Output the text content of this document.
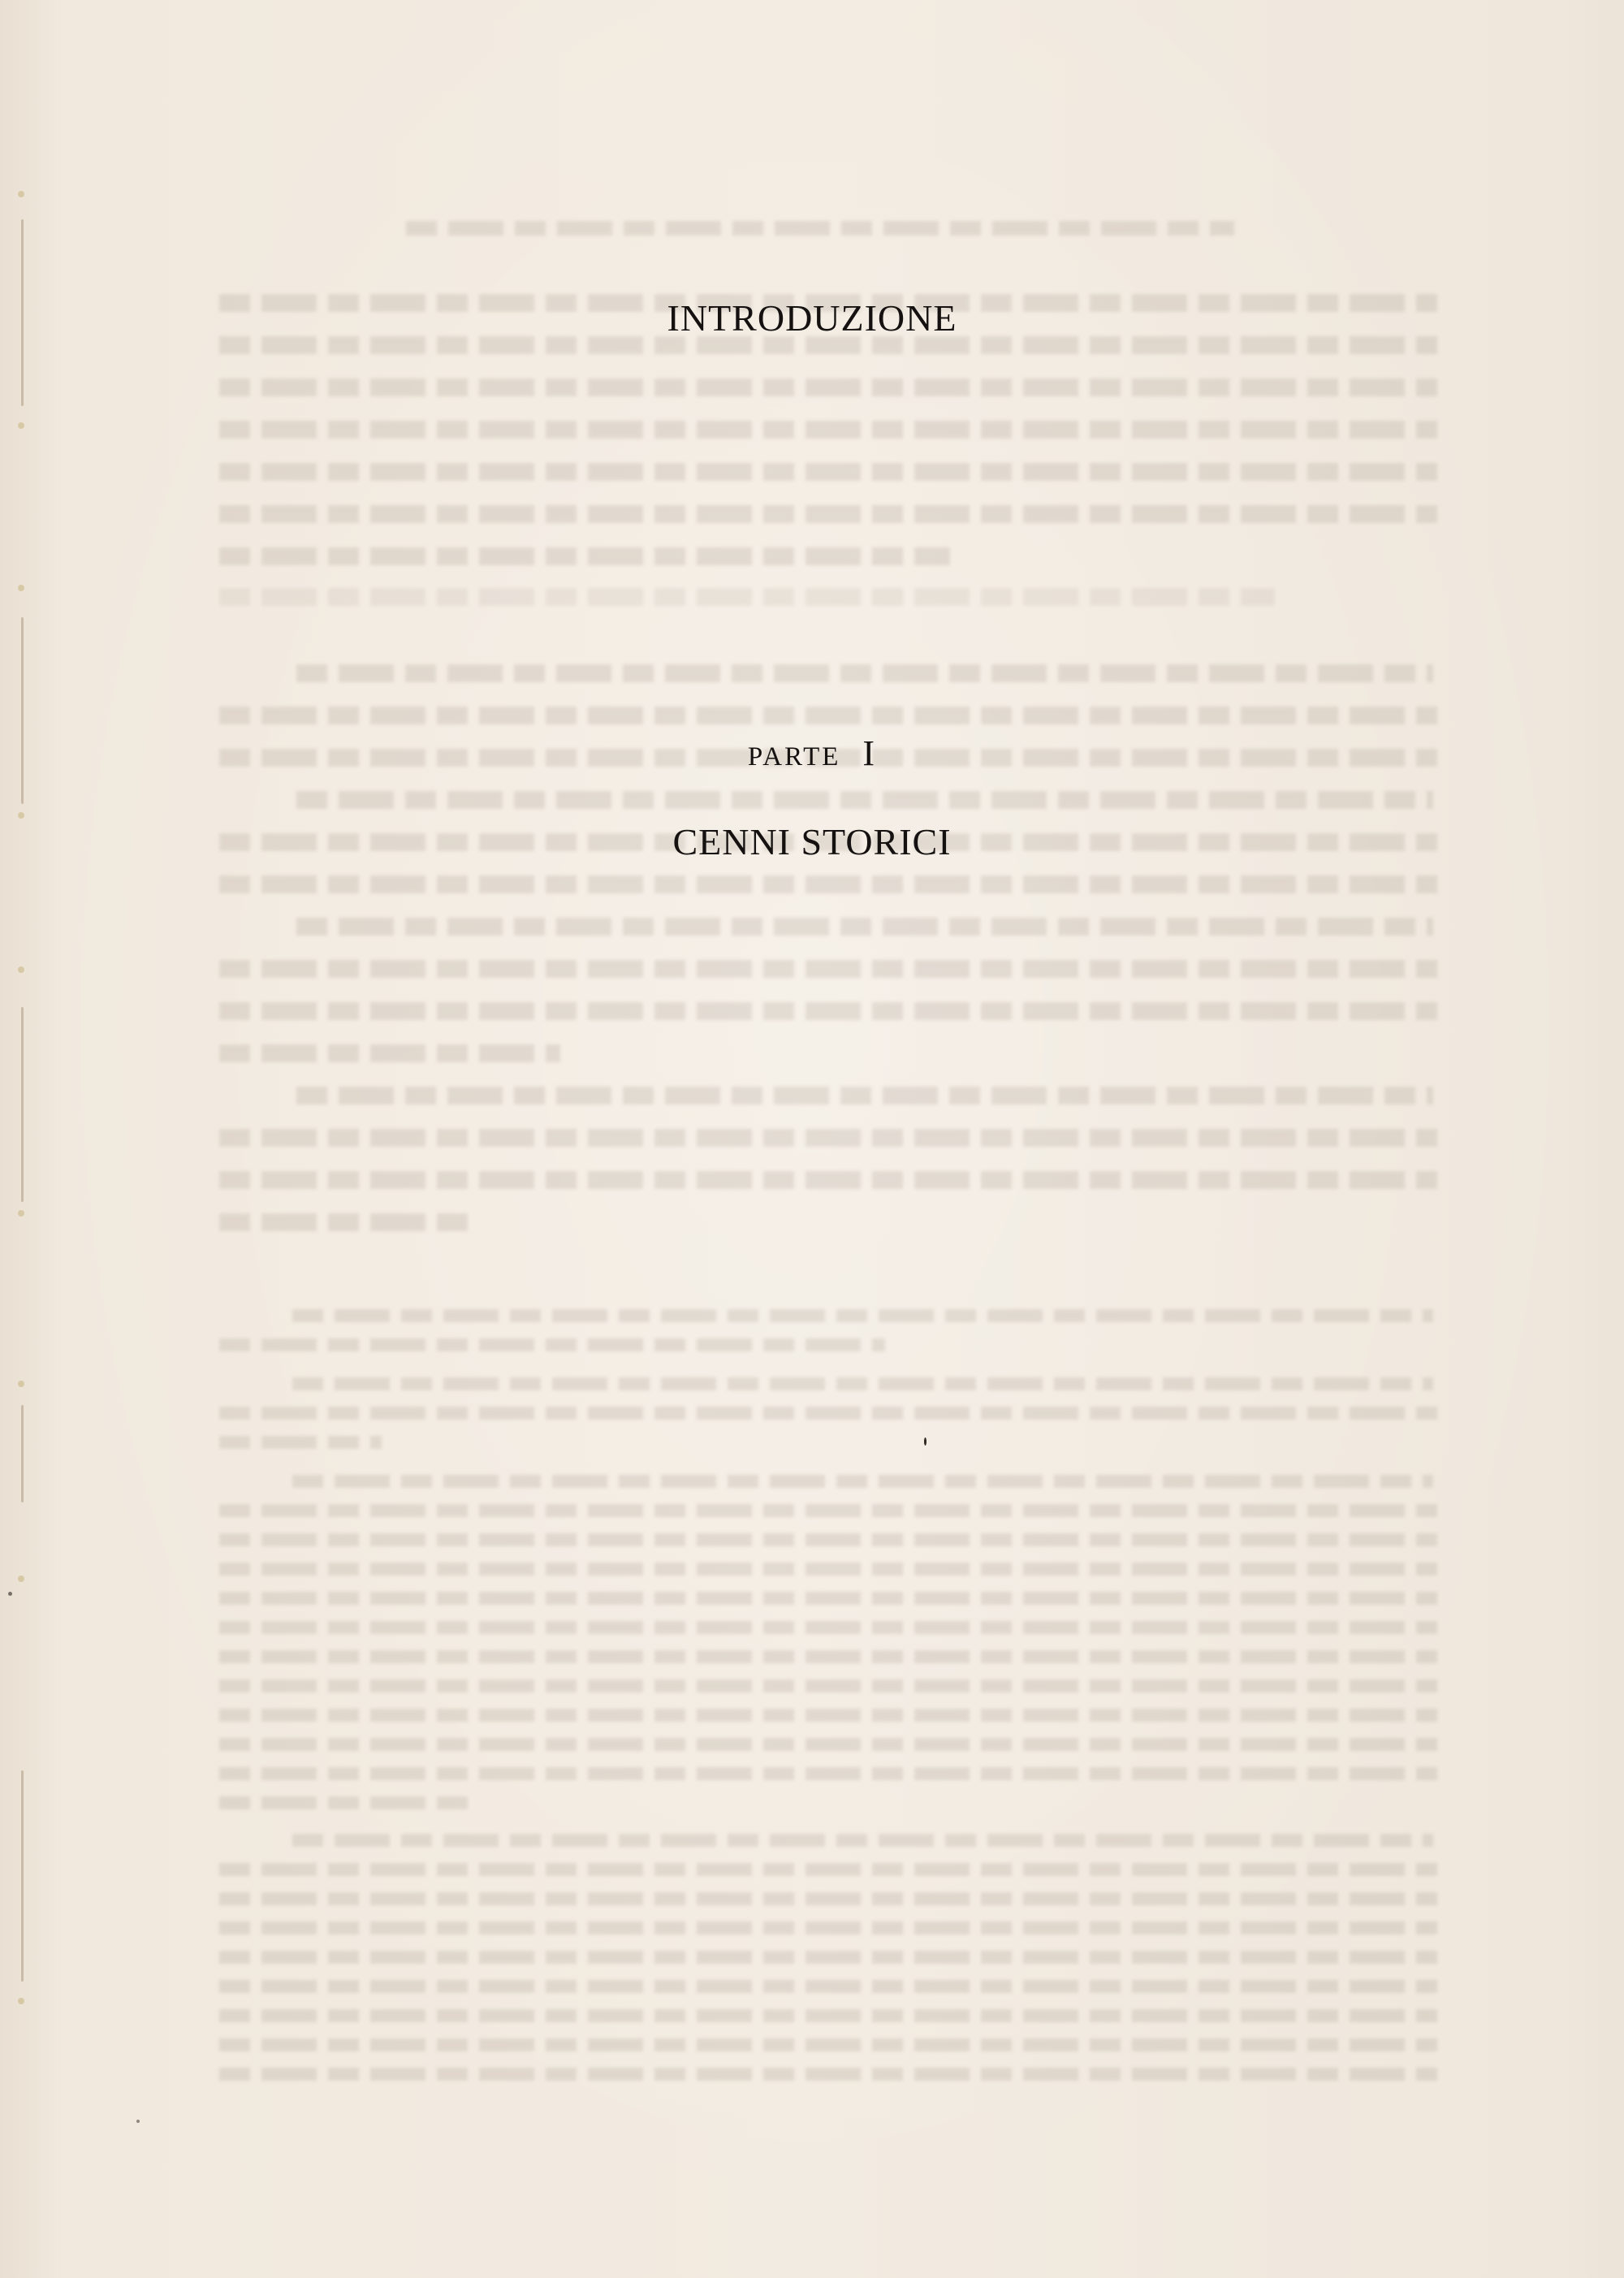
INTRODUZIONE
PARTE I
CENNI STORICI
